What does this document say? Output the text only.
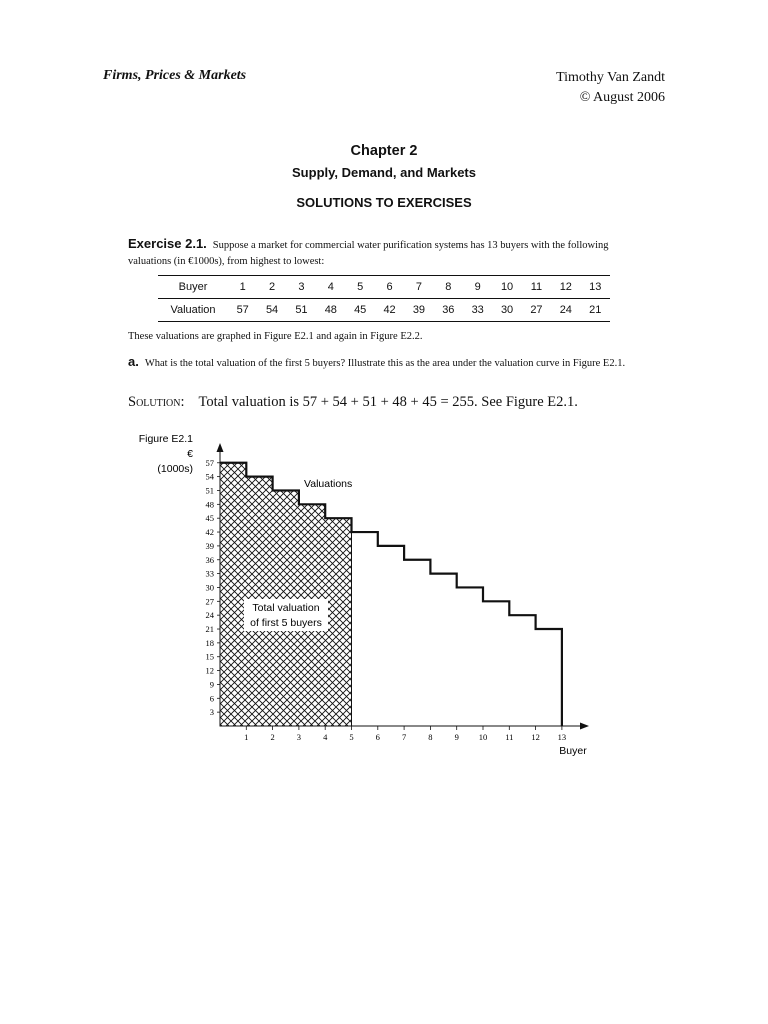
Firms, Prices & Markets	Timothy Van Zandt
© August 2006
Chapter 2
Supply, Demand, and Markets
SOLUTIONS TO EXERCISES
Exercise 2.1. Suppose a market for commercial water purification systems has 13 buyers with the following valuations (in €1000s), from highest to lowest:
Buyer	1	2	3	4	5	6	7	8	9	10	11	12	13
Valuation	57	54	51	48	45	42	39	36	33	30	27	24	21
These valuations are graphed in Figure E2.1 and again in Figure E2.2.
a. What is the total valuation of the first 5 buyers? Illustrate this as the area under the valuation curve in Figure E2.1.
Solution: Total valuation is 57 + 54 + 51 + 48 + 45 = 255. See Figure E2.1.
Figure E2.1
€
(1000s)
3
6
9
12
15
18
21
24
27
30
33
36
39
42
45
48
51
54
57
1	2	3	4	5	6	7	8	9 10 11 12 13
Valuations
Total valuation
of first 5 buyers
Buyer
